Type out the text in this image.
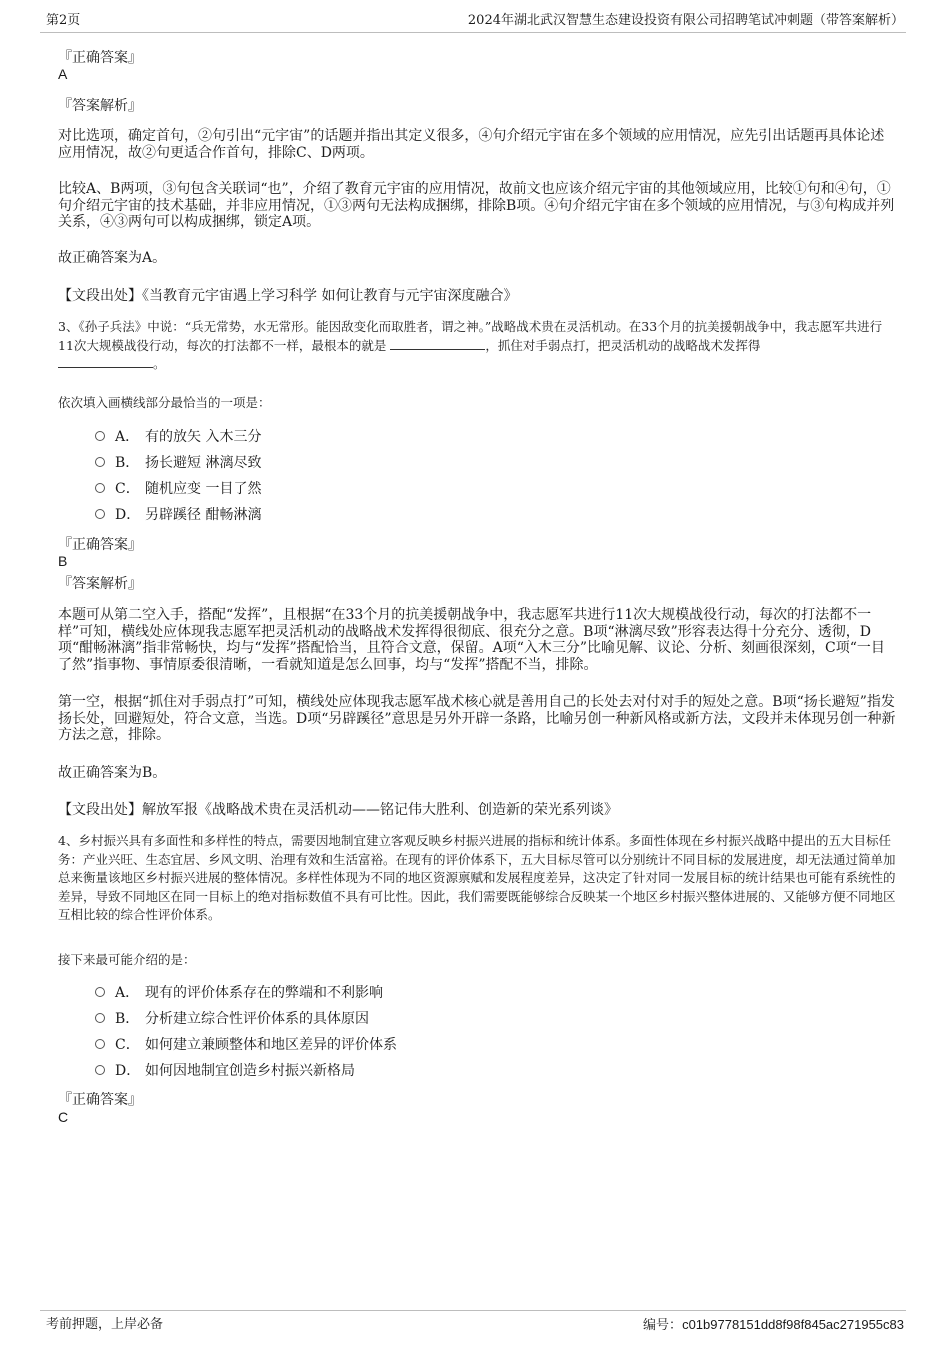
第2页	2024年湖北武汉智慧生态建设投资有限公司招聘笔试冲刺题（带答案解析）
『正确答案』
A
『答案解析』
对比选项，确定首句，②句引出“元宇宙”的话题并指出其定义很多，④句介绍元宇宙在多个领域的应用情况，应先引出话题再具体论述应用情况，故②句更适合作首句，排除C、D两项。
比较A、B两项，③句包含关联词“也”，介绍了教育元宇宙的应用情况，故前文也应该介绍元宇宙的其他领域应用，比较①句和④句，①句介绍元宇宙的技术基础，并非应用情况，①③两句无法构成捆绑，排除B项。④句介绍元宇宙在多个领域的应用情况，与③句构成并列关系，④③两句可以构成捆绑，锁定A项。
故正确答案为A。
【文段出处】《当教育元宇宙遇上学习科学 如何让教育与元宇宙深度融合》
3、《孙子兵法》中说：“兵无常势，水无常形。能因敌变化而取胜者，谓之神。”战略战术贵在灵活机动。在33个月的抗美援朝战争中，我志愿军共进行11次大规模战役行动，每次的打法都不一样，最根本的就是	，抓住对手弱点打，把灵活机动的战略战术发挥得
。
依次填入画横线部分最恰当的一项是：
A． 有的放矢 入木三分
B． 扬长避短 淋漓尽致
C． 随机应变 一目了然
D． 另辟蹊径 酣畅淋漓
『正确答案』
B
『答案解析』
本题可从第二空入手，搭配“发挥”，且根据“在33个月的抗美援朝战争中，我志愿军共进行11次大规模战役行动，每次的打法都不一样”可知，横线处应体现我志愿军把灵活机动的战略战术发挥得很彻底、很充分之意。B项“淋漓尽致”形容表达得十分充分、透彻，D项“酣畅淋漓”指非常畅快，均与“发挥”搭配恰当，且符合文意，保留。A项“入木三分”比喻见解、议论、分析、刻画很深刻，C项“一目了然”指事物、事情原委很清晰，一看就知道是怎么回事，均与“发挥”搭配不当，排除。
第一空，根据“抓住对手弱点打”可知，横线处应体现我志愿军战术核心就是善用自己的长处去对付对手的短处之意。B项“扬长避短”指发扬长处，回避短处，符合文意，当选。D项“另辟蹊径”意思是另外开辟一条路，比喻另创一种新风格或新方法，文段并未体现另创一种新方法之意，排除。
故正确答案为B。
【文段出处】解放军报《战略战术贵在灵活机动——铭记伟大胜利、创造新的荣光系列谈》
4、乡村振兴具有多面性和多样性的特点，需要因地制宜建立客观反映乡村振兴进展的指标和统计体系。多面性体现在乡村振兴战略中提出的五大目标任务：产业兴旺、生态宜居、乡风文明、治理有效和生活富裕。在现有的评价体系下，五大目标尽管可以分别统计不同目标的发展进度，却无法通过简单加总来衡量该地区乡村振兴进展的整体情况。多样性体现为不同的地区资源禀赋和发展程度差异，这决定了针对同一发展目标的统计结果也可能有系统性的差异，导致不同地区在同一目标上的绝对指标数值不具有可比性。因此，我们需要既能够综合反映某一个地区乡村振兴整体进展的、又能够方便不同地区互相比较的综合性评价体系。
接下来最可能介绍的是：
A． 现有的评价体系存在的弊端和不利影响
B． 分析建立综合性评价体系的具体原因
C． 如何建立兼顾整体和地区差异的评价体系
D． 如何因地制宜创造乡村振兴新格局
『正确答案』
C
考前押题，上岸必备	编号：c01b9778151dd8f98f845ac271955c83
